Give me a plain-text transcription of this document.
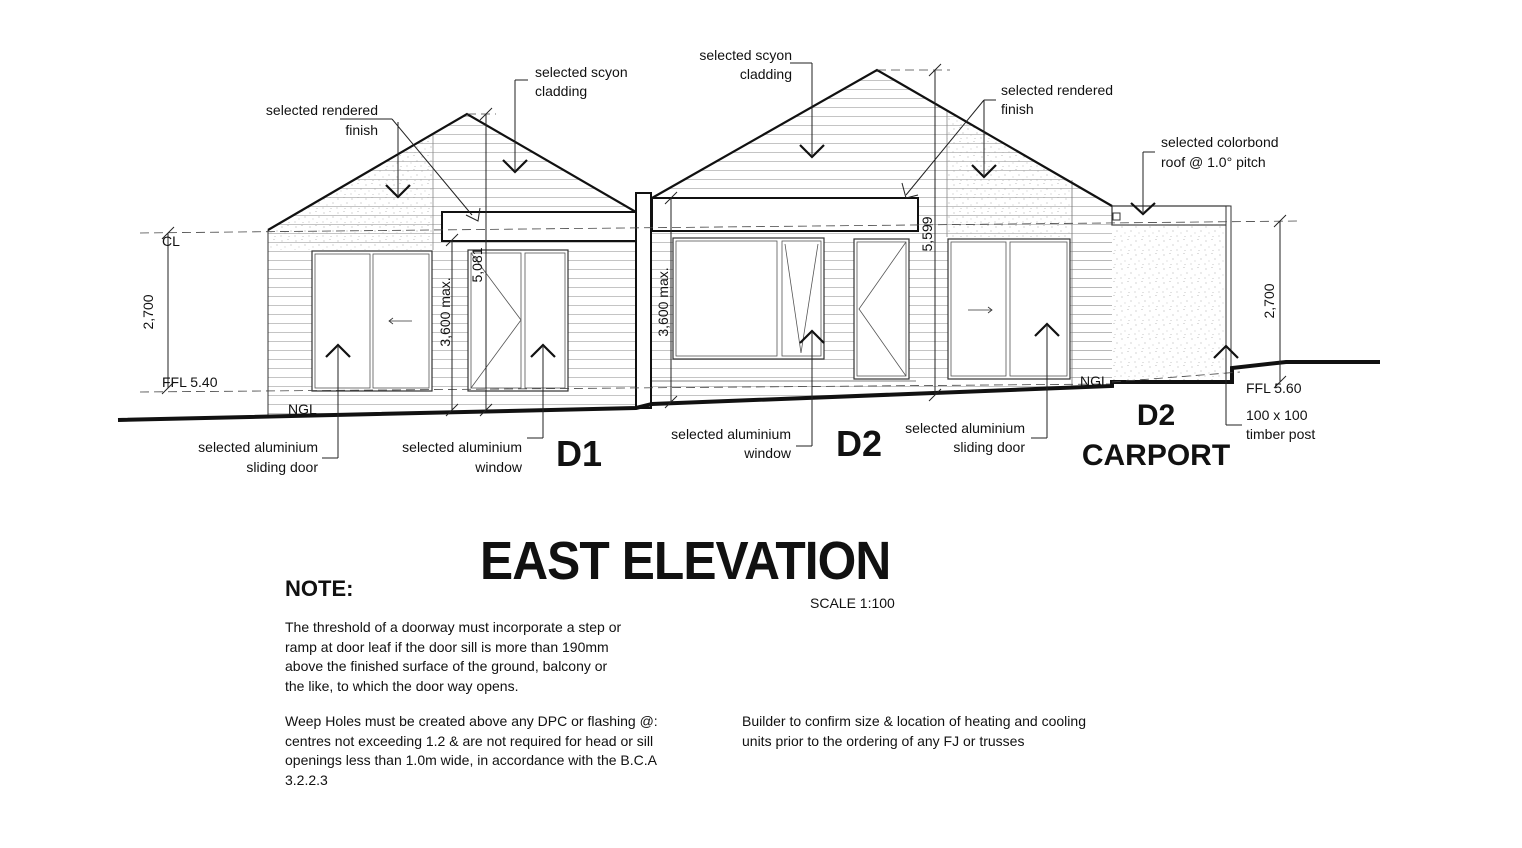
selected rendered
finish
selected scyon
cladding
selected scyon
cladding
selected rendered
finish
selected colorbond
roof @ 1.0° pitch
selected aluminium
sliding door
selected aluminium
window
selected aluminium
window
selected aluminium
sliding door
100 x 100
timber post
CL
FFL 5.40
NGL
NGL	FFL 5.60
2,700	2,700
3,600 max.
5,081
3,600 max.
5,599
D1	D2
D2
CARPORT
EAST ELEVATION
SCALE 1:100
NOTE:
The threshold of a doorway must incorporate a step or
ramp at door leaf if the door sill is more than 190mm
above the finished surface of the ground, balcony or
the like, to which the door way opens.
Weep Holes must be created above any DPC or flashing @:
centres not exceeding 1.2 & are not required for head or sill
openings less than 1.0m wide, in accordance with the B.C.A
3.2.2.3
Builder to confirm size & location of heating and cooling
units prior to the ordering of any FJ or trusses
